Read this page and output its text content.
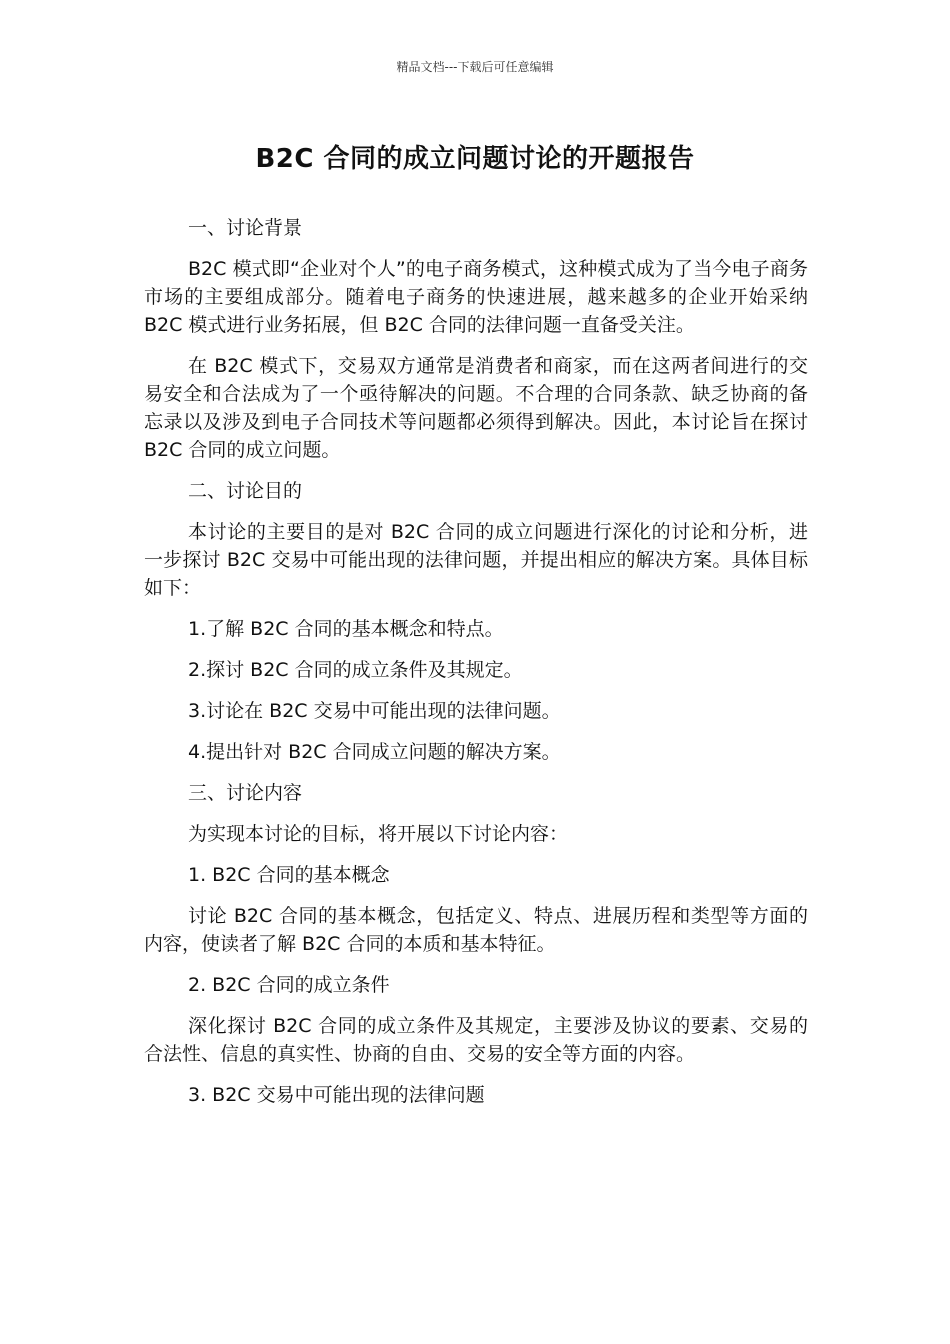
精品文档---下载后可任意编辑
B2C 合同的成立问题讨论的开题报告

一、讨论背景

B2C 模式即“企业对个人”的电子商务模式，这种模式成为了当今电子商务市场的主要组成部分。随着电子商务的快速进展，越来越多的企业开始采纳 B2C 模式进行业务拓展，但 B2C 合同的法律问题一直备受关注。

在 B2C 模式下，交易双方通常是消费者和商家，而在这两者间进行的交易安全和合法成为了一个亟待解决的问题。不合理的合同条款、缺乏协商的备忘录以及涉及到电子合同技术等问题都必须得到解决。因此，本讨论旨在探讨 B2C 合同的成立问题。

二、讨论目的

本讨论的主要目的是对 B2C 合同的成立问题进行深化的讨论和分析，进一步探讨 B2C 交易中可能出现的法律问题，并提出相应的解决方案。具体目标如下：

1.了解 B2C 合同的基本概念和特点。

2.探讨 B2C 合同的成立条件及其规定。

3.讨论在 B2C 交易中可能出现的法律问题。

4.提出针对 B2C 合同成立问题的解决方案。

三、讨论内容

为实现本讨论的目标，将开展以下讨论内容：

1. B2C 合同的基本概念

讨论 B2C 合同的基本概念，包括定义、特点、进展历程和类型等方面的内容，使读者了解 B2C 合同的本质和基本特征。

2. B2C 合同的成立条件

深化探讨 B2C 合同的成立条件及其规定，主要涉及协议的要素、交易的合法性、信息的真实性、协商的自由、交易的安全等方面的内容。

3. B2C 交易中可能出现的法律问题
